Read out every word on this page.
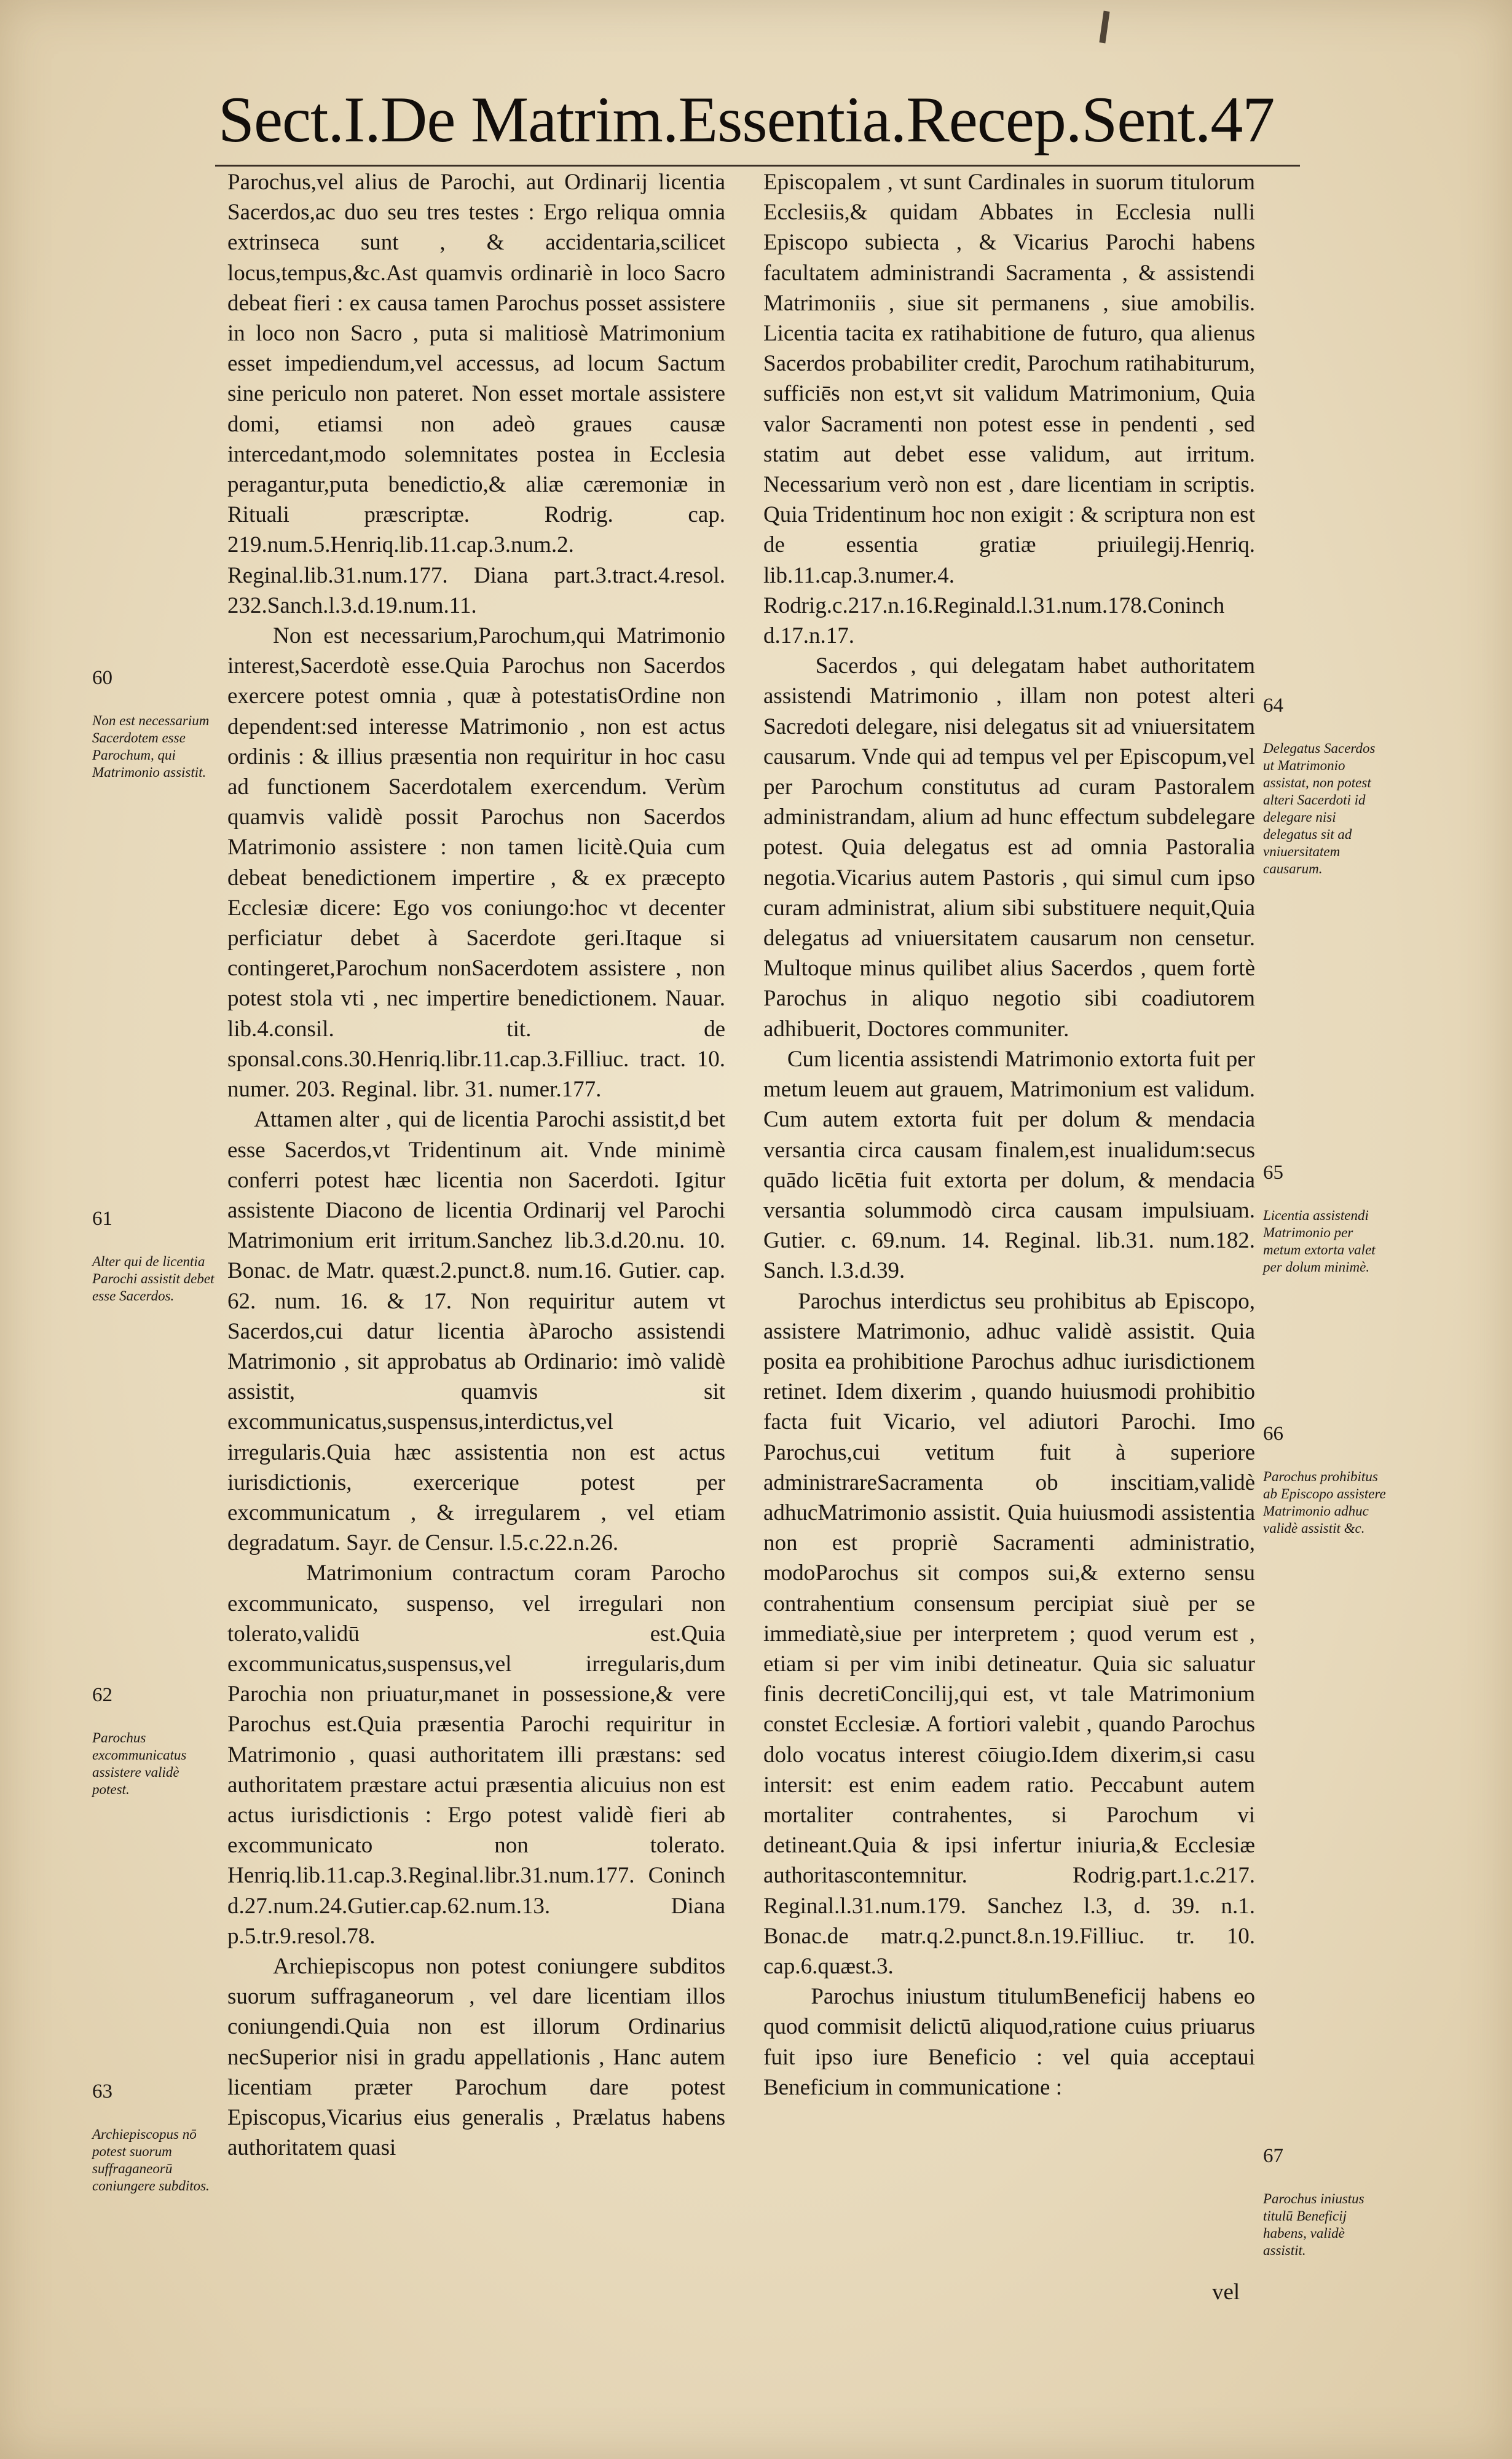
Sect.I.De Matrim.Essentia.Recep.Sent.47
Parochus,vel alius de Parochi, aut Ordinarij licentia Sacerdos,ac duo seu tres testes : Ergo reliqua omnia extrinseca sunt , & accidentaria,scilicet locus,tempus,&c.Ast quamvis ordinariè in loco Sacro debeat fieri : ex causa tamen Parochus posset assistere in loco non Sacro , puta si malitiosè Matrimonium esset impediendum,vel accessus, ad locum Sactum sine periculo non pateret. Non esset mortale assistere domi, etiamsi non adeò graues causæ intercedant,modo solemnitates postea in Ecclesia peragantur,puta benedictio,& aliæ cæremoniæ in Rituali præscriptæ. Rodrig. cap. 219.num.5.Henriq.lib.11.cap.3.num.2. Reginal.lib.31.num.177. Diana part.3.tract.4.resol. 232.Sanch.l.3.d.19.num.11.
Non est necessarium,Parochum,qui Matrimonio interest,Sacerdotè esse.Quia Parochus non Sacerdos exercere potest omnia , quæ à potestatisOrdine non dependent:sed interesse Matrimonio , non est actus ordinis : & illius præsentia non requiritur in hoc casu ad functionem Sacerdotalem exercendum. Verùm quamvis validè possit Parochus non Sacerdos Matrimonio assistere : non tamen licitè.Quia cum debeat benedictionem impertire , & ex præcepto Ecclesiæ dicere: Ego vos coniungo:hoc vt decenter perficiatur debet à Sacerdote geri.Itaque si contingeret,Parochum nonSacerdotem assistere , non potest stola vti , nec impertire benedictionem. Nauar. lib.4.consil. tit. de sponsal.cons.30.Henriq.libr.11.cap.3.Filliuc. tract. 10. numer. 203. Reginal. libr. 31. numer.177.
Attamen alter , qui de licentia Parochi assistit,d bet esse Sacerdos,vt Tridentinum ait. Vnde minimè conferri potest hæc licentia non Sacerdoti. Igitur assistente Diacono de licentia Ordinarij vel Parochi Matrimonium erit irritum.Sanchez lib.3.d.20.nu. 10. Bonac. de Matr. quæst.2.punct.8. num.16. Gutier. cap. 62. num. 16. & 17. Non requiritur autem vt Sacerdos,cui datur licentia àParocho assistendi Matrimonio , sit approbatus ab Ordinario: imò validè assistit, quamvis sit excommunicatus,suspensus,interdictus,vel irregularis.Quia hæc assistentia non est actus iurisdictionis, exercerique potest per excommunicatum , & irregularem , vel etiam degradatum. Sayr. de Censur. l.5.c.22.n.26.
Matrimonium contractum coram Parocho excommunicato, suspenso, vel irregulari non tolerato,validū est.Quia excommunicatus,suspensus,vel irregularis,dum Parochia non priuatur,manet in possessione,& vere Parochus est.Quia præsentia Parochi requiritur in Matrimonio , quasi authoritatem illi præstans: sed authoritatem præstare actui præsentia alicuius non est actus iurisdictionis : Ergo potest validè fieri ab excommunicato non tolerato. Henriq.lib.11.cap.3.Reginal.libr.31.num.177. Coninch d.27.num.24.Gutier.cap.62.num.13. Diana p.5.tr.9.resol.78.
Archiepiscopus non potest coniungere subditos suorum suffraganeorum , vel dare licentiam illos coniungendi.Quia non est illorum Ordinarius necSuperior nisi in gradu appellationis , Hanc autem licentiam præter Parochum dare potest Episcopus,Vicarius eius generalis , Prælatus habens authoritatem quasi
Episcopalem , vt sunt Cardinales in suorum titulorum Ecclesiis,& quidam Abbates in Ecclesia nulli Episcopo subiecta , & Vicarius Parochi habens facultatem administrandi Sacramenta , & assistendi Matrimoniis , siue sit permanens , siue amobilis. Licentia tacita ex ratihabitione de futuro, qua alienus Sacerdos probabiliter credit, Parochum ratihabiturum, sufficiēs non est,vt sit validum Matrimonium, Quia valor Sacramenti non potest esse in pendenti , sed statim aut debet esse validum, aut irritum. Necessarium verò non est , dare licentiam in scriptis. Quia Tridentinum hoc non exigit : & scriptura non est de essentia gratiæ priuilegij.Henriq. lib.11.cap.3.numer.4. Rodrig.c.217.n.16.Reginald.l.31.num.178.Coninch d.17.n.17.
Sacerdos , qui delegatam habet authoritatem assistendi Matrimonio , illam non potest alteri Sacredoti delegare, nisi delegatus sit ad vniuersitatem causarum. Vnde qui ad tempus vel per Episcopum,vel per Parochum constitutus ad curam Pastoralem administrandam, alium ad hunc effectum subdelegare potest. Quia delegatus est ad omnia Pastoralia negotia.Vicarius autem Pastoris , qui simul cum ipso curam administrat, alium sibi substituere nequit,Quia delegatus ad vniuersitatem causarum non censetur. Multoque minus quilibet alius Sacerdos , quem fortè Parochus in aliquo negotio sibi coadiutorem adhibuerit, Doctores communiter.
Cum licentia assistendi Matrimonio extorta fuit per metum leuem aut grauem, Matrimonium est validum. Cum autem extorta fuit per dolum & mendacia versantia circa causam finalem,est inualidum:secus quādo licētia fuit extorta per dolum, & mendacia versantia solummodò circa causam impulsiuam. Gutier. c. 69.num. 14. Reginal. lib.31. num.182. Sanch. l.3.d.39.
Parochus interdictus seu prohibitus ab Episcopo, assistere Matrimonio, adhuc validè assistit. Quia posita ea prohibitione Parochus adhuc iurisdictionem retinet. Idem dixerim , quando huiusmodi prohibitio facta fuit Vicario, vel adiutori Parochi. Imo Parochus,cui vetitum fuit à superiore administrareSacramenta ob inscitiam,validè adhucMatrimonio assistit. Quia huiusmodi assistentia non est propriè Sacramenti administratio, modoParochus sit compos sui,& externo sensu contrahentium consensum percipiat siuè per se immediatè,siue per interpretem ; quod verum est , etiam si per vim inibi detineatur. Quia sic saluatur finis decretiConcilij,qui est, vt tale Matrimonium constet Ecclesiæ. A fortiori valebit , quando Parochus dolo vocatus interest cōiugio.Idem dixerim,si casu intersit: est enim eadem ratio. Peccabunt autem mortaliter contrahentes, si Parochum vi detineant.Quia & ipsi infertur iniuria,& Ecclesiæ authoritascontemnitur. Rodrig.part.1.c.217. Reginal.l.31.num.179. Sanchez l.3, d. 39. n.1. Bonac.de matr.q.2.punct.8.n.19.Filliuc. tr. 10. cap.6.quæst.3.
Parochus iniustum titulumBeneficij habens eo quod commisit delictū aliquod,ratione cuius priuarus fuit ipso iure Beneficio : vel quia acceptaui Beneficium in communicatione :
vel

60

Non est necessarium Sacerdotem esse Parochum, qui Matrimonio assistit.

61

Alter qui de licentia Parochi assistit debet esse Sacerdos.

62

Parochus excommunicatus assistere validè potest.

63

Archiepiscopus nō potest suorum suffraganeorū coniungere subditos.

64

Delegatus Sacerdos ut Matrimonio assistat, non potest alteri Sacerdoti id delegare nisi delegatus sit ad vniuersitatem causarum.

65

Licentia assistendi Matrimonio per metum extorta valet per dolum minimè.

66

Parochus prohibitus ab Episcopo assistere Matrimonio adhuc validè assistit &c.

67

Parochus iniustus titulū Beneficij habens, validè assistit.
